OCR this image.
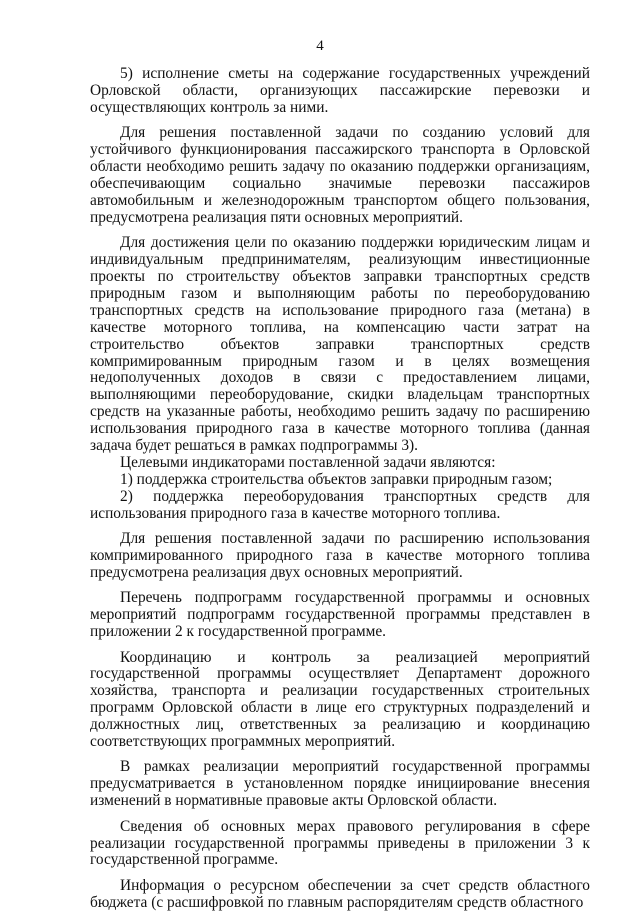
4

5) исполнение сметы на содержание государственных учреждений Орловской области, организующих пассажирские перевозки и осуществляющих контроль за ними.

Для решения поставленной задачи по созданию условий для устойчивого функционирования пассажирского транспорта в Орловской области необходимо решить задачу по оказанию поддержки организациям, обеспечивающим социально значимые перевозки пассажиров автомобильным и железнодорожным транспортом общего пользования, предусмотрена реализация пяти основных мероприятий.

Для достижения цели по оказанию поддержки юридическим лицам и индивидуальным предпринимателям, реализующим инвестиционные проекты по строительству объектов заправки транспортных средств природным газом и выполняющим работы по переоборудованию транспортных средств на использование природного газа (метана) в качестве моторного топлива, на компенсацию части затрат на строительство объектов заправки транспортных средств компримированным природным газом и в целях возмещения недополученных доходов в связи с предоставлением лицами, выполняющими переоборудование, скидки владельцам транспортных средств на указанные работы, необходимо решить задачу по расширению использования природного газа в качестве моторного топлива (данная задача будет решаться в рамках подпрограммы 3).

Целевыми индикаторами поставленной задачи являются:

1) поддержка строительства объектов заправки природным газом;

2) поддержка переоборудования транспортных средств для использования природного газа в качестве моторного топлива.

Для решения поставленной задачи по расширению использования компримированного природного газа в качестве моторного топлива предусмотрена реализация двух основных мероприятий.

Перечень подпрограмм государственной программы и основных мероприятий подпрограмм государственной программы представлен в приложении 2 к государственной программе.

Координацию и контроль за реализацией мероприятий государственной программы осуществляет Департамент дорожного хозяйства, транспорта и реализации государственных строительных программ Орловской области в лице его структурных подразделений и должностных лиц, ответственных за реализацию и координацию соответствующих программных мероприятий.

В рамках реализации мероприятий государственной программы предусматривается в установленном порядке инициирование внесения изменений в нормативные правовые акты Орловской области.

Сведения об основных мерах правового регулирования в сфере реализации государственной программы приведены в приложении 3 к государственной программе.

Информация о ресурсном обеспечении за счет средств областного бюджета (с расшифровкой по главным распорядителям средств областного
